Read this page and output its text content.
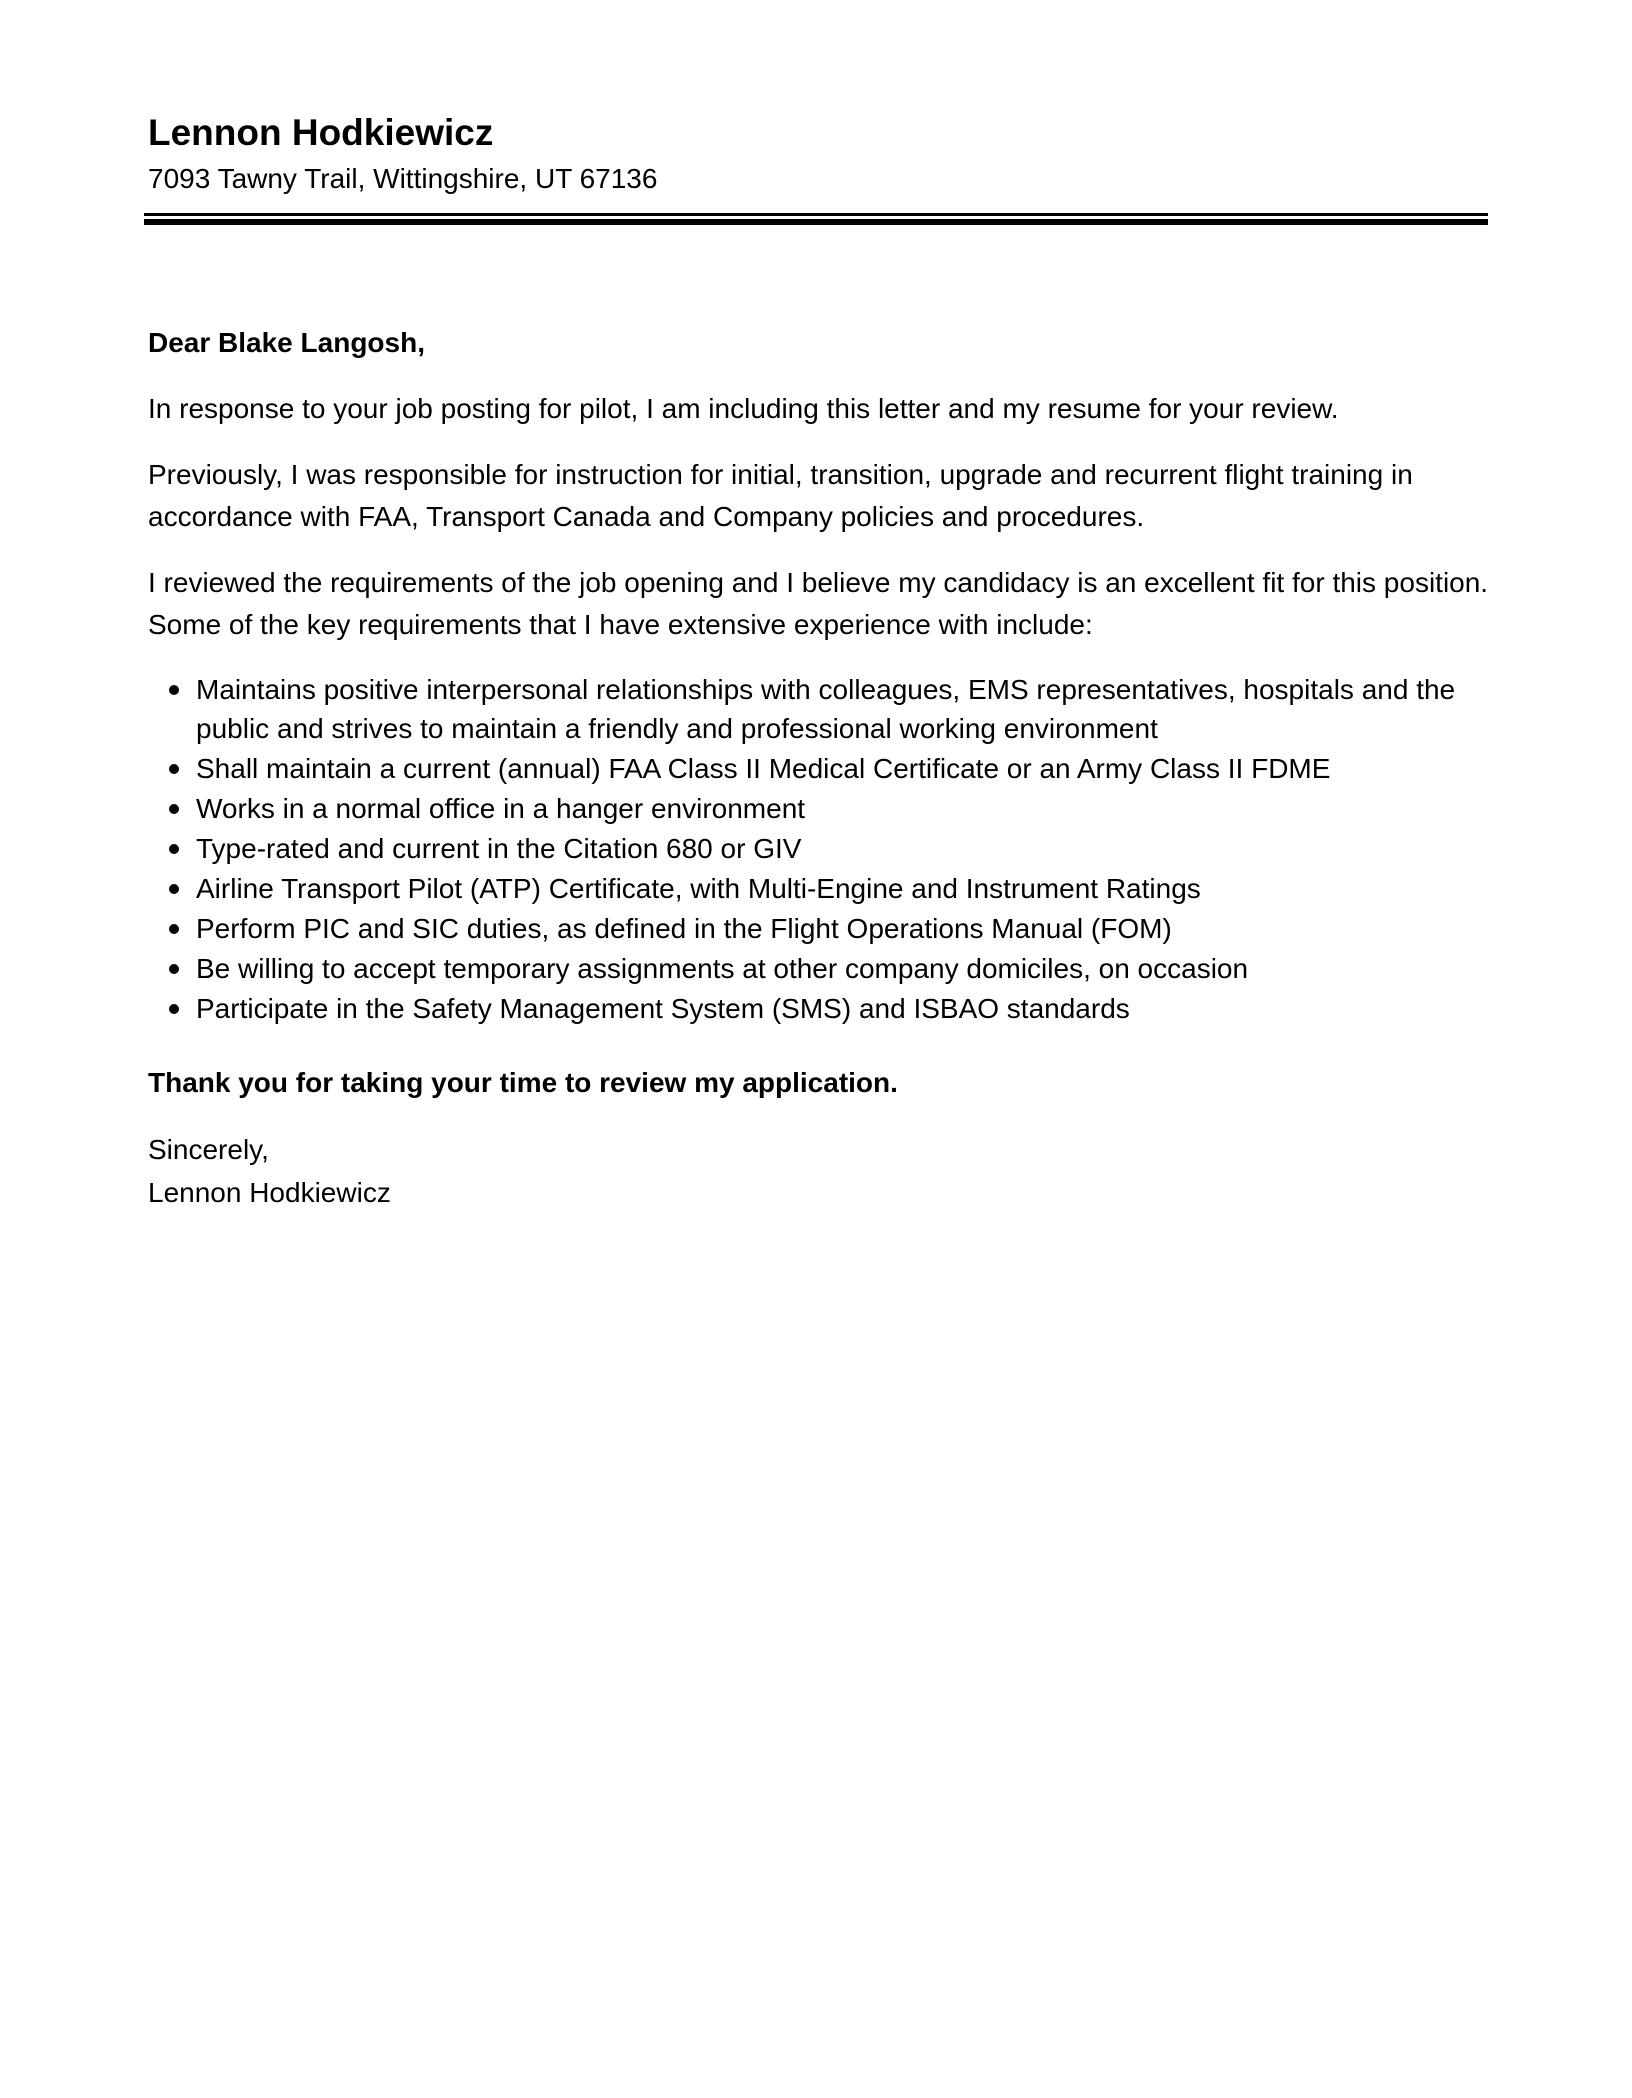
Lennon Hodkiewicz
7093 Tawny Trail, Wittingshire, UT 67136

Dear Blake Langosh,

In response to your job posting for pilot, I am including this letter and my resume for your review.

Previously, I was responsible for instruction for initial, transition, upgrade and recurrent flight training in accordance with FAA, Transport Canada and Company policies and procedures.

I reviewed the requirements of the job opening and I believe my candidacy is an excellent fit for this position. Some of the key requirements that I have extensive experience with include:

Maintains positive interpersonal relationships with colleagues, EMS representatives, hospitals and the public and strives to maintain a friendly and professional working environment
Shall maintain a current (annual) FAA Class II Medical Certificate or an Army Class II FDME
Works in a normal office in a hanger environment
Type-rated and current in the Citation 680 or GIV
Airline Transport Pilot (ATP) Certificate, with Multi-Engine and Instrument Ratings
Perform PIC and SIC duties, as defined in the Flight Operations Manual (FOM)
Be willing to accept temporary assignments at other company domiciles, on occasion
Participate in the Safety Management System (SMS) and ISBAO standards

Thank you for taking your time to review my application.

Sincerely,
Lennon Hodkiewicz
